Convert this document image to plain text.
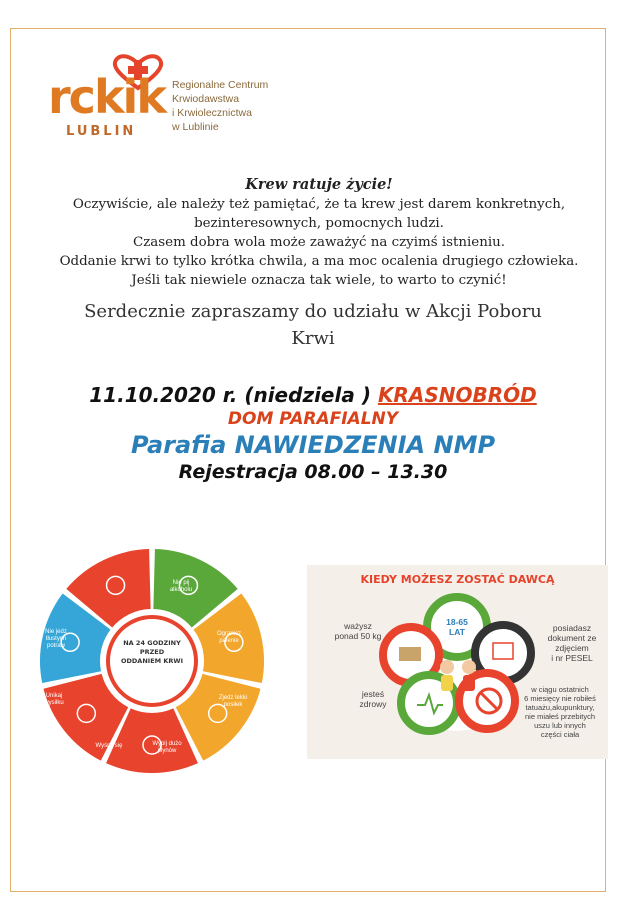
rckik
LUBLIN
Regionalne Centrum
Krwiodawstwa
i Krwiolecznictwa
w Lublinie
Krew ratuje życie!
Oczywiście, ale należy też pamiętać, że ta krew jest darem konkretnych,
bezinteresownych, pomocnych ludzi.
Czasem dobra wola może zaważyć na czyimś istnieniu.
Oddanie krwi to tylko krótka chwila, a ma moc ocalenia drugiego człowieka.
Jeśli tak niewiele oznacza tak wiele, to warto to czynić!
Serdecznie zapraszamy do udziału w Akcji Poboru
Krwi
11.10.2020 r. (niedziela ) KRASNOBRÓD
DOM PARAFIALNY
Parafia NAWIEDZENIA NMP
Rejestracja 08.00 – 13.30
NA 24 GODZINY
PRZED
ODDANIEM KRWI
Nie pij alkoholu
Ogranicz palenie
Zjedz lekki posiłek
Wypij dużo płynów
Wyśpij się
Unikaj wysiłku
Nie jedz tłustych potraw
KIEDY MOŻESZ ZOSTAĆ DAWCĄ
18-65
LAT
ważysz
ponad 50 kg
posiadasz
dokument ze
zdjęciem
i nr PESEL
jesteś
zdrowy
w ciągu ostatnich
6 miesięcy nie robiłeś
tatuażu,akupunktury,
nie miałeś przebitych
uszu lub innych
części ciała
